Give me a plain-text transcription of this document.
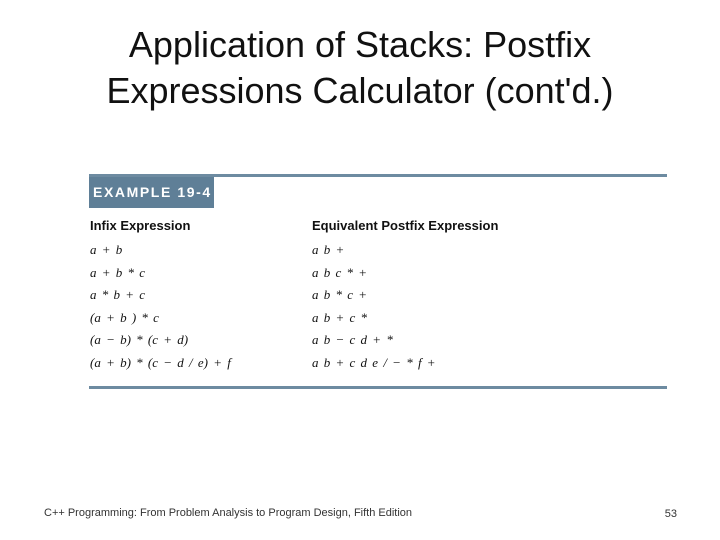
Application of Stacks: Postfix
Expressions Calculator (cont'd.)
EXAMPLE 19-4
Infix Expression	Equivalent Postfix Expression
a + b	a b +
a + b * c	a b c * +
a * b + c	a b * c +
(a + b ) * c	a b + c *
(a − b) * (c + d)	a b − c d + *
(a + b) * (c − d / e) + f	a b + c d e / − * f +
C++ Programming: From Problem Analysis to Program Design, Fifth Edition	53
